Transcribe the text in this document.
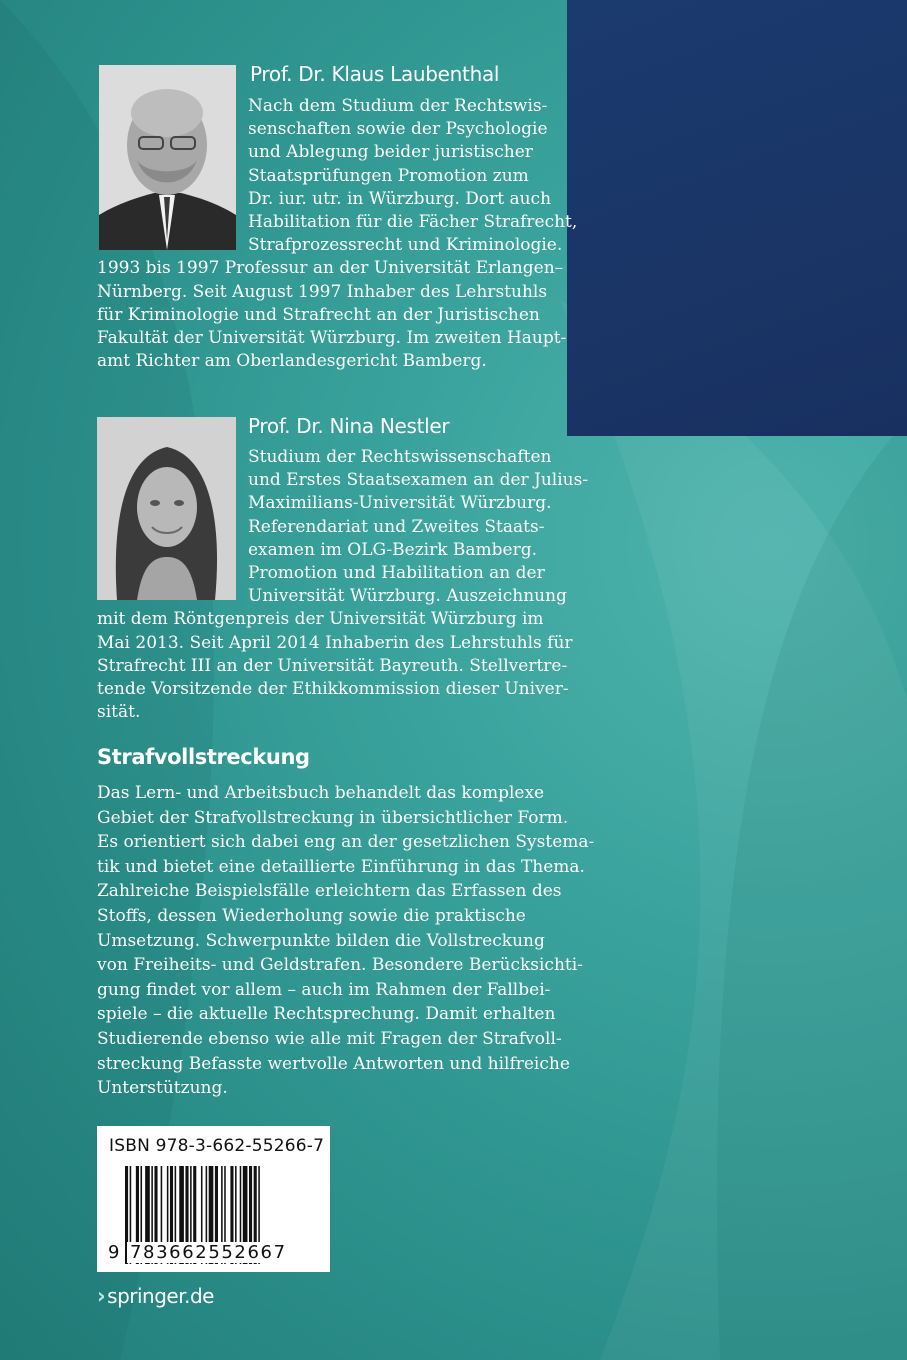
Prof. Dr. Klaus Laubenthal
Nach dem Studium der Rechtswis-
senschaften sowie der Psychologie
und Ablegung beider juristischer
Staatsprüfungen Promotion zum
Dr. iur. utr. in Würzburg. Dort auch
Habilitation für die Fächer Strafrecht,
Strafprozessrecht und Kriminologie.
1993 bis 1997 Professur an der Universität Erlangen–
Nürnberg. Seit August 1997 Inhaber des Lehrstuhls
für Kriminologie und Strafrecht an der Juristischen
Fakultät der Universität Würzburg. Im zweiten Haupt-
amt Richter am Oberlandesgericht Bamberg.
Prof. Dr. Nina Nestler
Studium der Rechtswissenschaften
und Erstes Staatsexamen an der Julius-
Maximilians-Universität Würzburg.
Referendariat und Zweites Staats-
examen im OLG-Bezirk Bamberg.
Promotion und Habilitation an der
Universität Würzburg. Auszeichnung
mit dem Röntgenpreis der Universität Würzburg im
Mai 2013. Seit April 2014 Inhaberin des Lehrstuhls für
Strafrecht III an der Universität Bayreuth. Stellvertre-
tende Vorsitzende der Ethikkommission dieser Univer-
sität.
Strafvollstreckung
Das Lern- und Arbeitsbuch behandelt das komplexe
Gebiet der Strafvollstreckung in übersichtlicher Form.
Es orientiert sich dabei eng an der gesetzlichen Systema-
tik und bietet eine detaillierte Einführung in das Thema.
Zahlreiche Beispielsfälle erleichtern das Erfassen des
Stoffs, dessen Wiederholung sowie die praktische
Umsetzung. Schwerpunkte bilden die Vollstreckung
von Freiheits- und Geldstrafen. Besondere Berücksichti-
gung findet vor allem – auch im Rahmen der Fallbei-
spiele – die aktuelle Rechtsprechung. Damit erhalten
Studierende ebenso wie alle mit Fragen der Strafvoll-
streckung Befasste wertvolle Antworten und hilfreiche
Unterstützung.
ISBN 978-3-662-55266-7
9 783662552667
› springer.de
